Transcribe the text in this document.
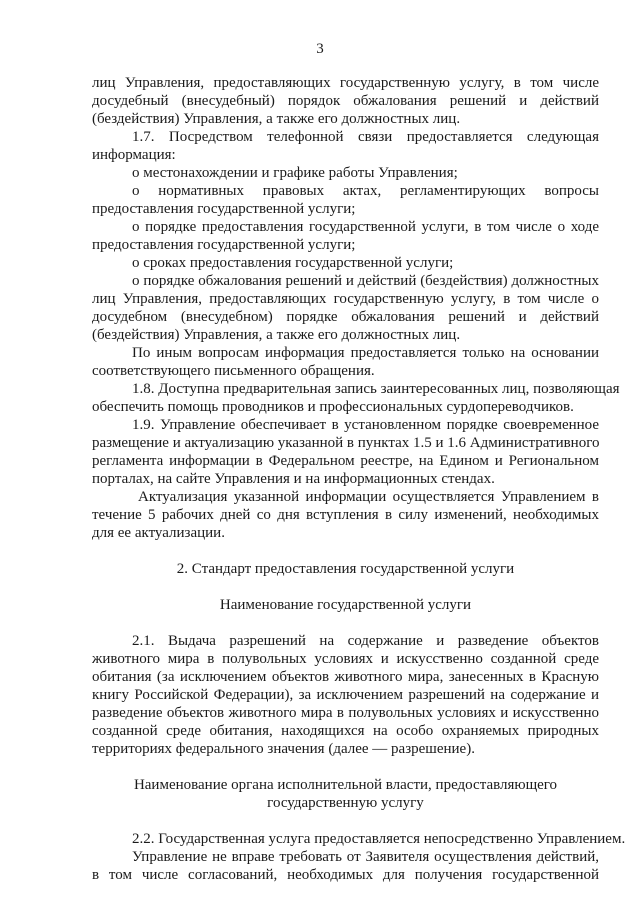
3
лиц Управления, предоставляющих государственную услугу, в том числе
досудебный (внесудебный) порядок обжалования решений и действий
(бездействия) Управления, а также его должностных лиц.
1.7. Посредством телефонной связи предоставляется следующая
информация:
о местонахождении и графике работы Управления;
о нормативных правовых актах, регламентирующих вопросы
предоставления государственной услуги;
о порядке предоставления государственной услуги, в том числе о ходе
предоставления государственной услуги;
о сроках предоставления государственной услуги;
о порядке обжалования решений и действий (бездействия) должностных
лиц Управления, предоставляющих государственную услугу, в том числе о
досудебном (внесудебном) порядке обжалования решений и действий
(бездействия) Управления, а также его должностных лиц.
По иным вопросам информация предоставляется только на основании
соответствующего письменного обращения.
1.8. Доступна предварительная запись заинтересованных лиц, позволяющая
обеспечить помощь проводников и профессиональных сурдопереводчиков.
1.9. Управление обеспечивает в установленном порядке своевременное
размещение и актуализацию указанной в пунктах 1.5 и 1.6 Административного
регламента информации в Федеральном реестре, на Едином и Региональном
порталах, на сайте Управления и на информационных стендах.
Актуализация указанной информации осуществляется Управлением в
течение 5 рабочих дней со дня вступления в силу изменений, необходимых
для ее актуализации.
2. Стандарт предоставления государственной услуги
Наименование государственной услуги
2.1. Выдача разрешений на содержание и разведение объектов
животного мира в полувольных условиях и искусственно созданной среде
обитания (за исключением объектов животного мира, занесенных в Красную
книгу Российской Федерации), за исключением разрешений на содержание и
разведение объектов животного мира в полувольных условиях и искусственно
созданной среде обитания, находящихся на особо охраняемых природных
территориях федерального значения (далее — разрешение).
Наименование органа исполнительной власти, предоставляющего
государственную услугу
2.2. Государственная услуга предоставляется непосредственно Управлением.
Управление не вправе требовать от Заявителя осуществления действий,
в том числе согласований, необходимых для получения государственной
